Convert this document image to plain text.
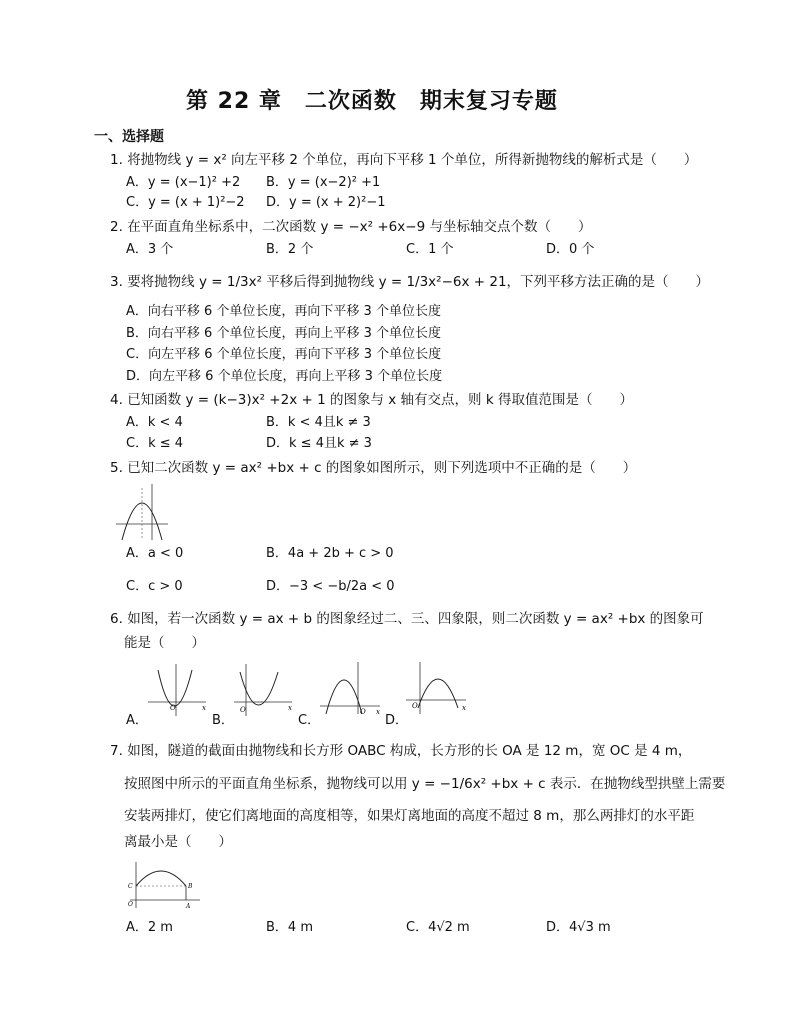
第 22 章　二次函数　期末复习专题
一、选择题
1. 将抛物线 y = x² 向左平移 2 个单位，再向下平移 1 个单位，所得新抛物线的解析式是（　　）
A．y = (x−1)² +2 B．y = (x−2)² +1
C．y = (x + 1)²−2 D．y = (x + 2)²−1
2. 在平面直角坐标系中，二次函数 y = −x² +6x−9 与坐标轴交点个数（　　）
A．3 个	B．2 个	C．1 个	D．0 个
3. 要将抛物线 y = 1/3x² 平移后得到抛物线 y = 1/3x²−6x + 21，下列平移方法正确的是（　　）
A．向右平移 6 个单位长度，再向下平移 3 个单位长度
B．向右平移 6 个单位长度，再向上平移 3 个单位长度
C．向左平移 6 个单位长度，再向下平移 3 个单位长度
D．向左平移 6 个单位长度，再向上平移 3 个单位长度
4. 已知函数 y = (k−3)x² +2x + 1 的图象与 x 轴有交点，则 k 得取值范围是（　　）
A．k < 4	B．k < 4且k ≠ 3
C．k ≤ 4	D．k ≤ 4且k ≠ 3
5. 已知二次函数 y = ax² +bx + c 的图象如图所示，则下列选项中不正确的是（　　）
A．a < 0	B．4a + 2b + c > 0
C．c > 0	D．−3 < −b/2a < 0
6. 如图，若一次函数 y = ax + b 的图象经过二、三、四象限，则二次函数 y = ax² +bx 的图象可
能是（　　）
x
O
A．
x
O
B．
x
O
C．
x
O
D．
7. 如图，隧道的截面由抛物线和长方形 OABC 构成，长方形的长 OA 是 12 m，宽 OC 是 4 m，
按照图中所示的平面直角坐标系，抛物线可以用 y = −1/6x² +bx + c 表示．在抛物线型拱壁上需要
安装两排灯，使它们离地面的高度相等，如果灯离地面的高度不超过 8 m，那么两排灯的水平距
离最小是（　　）
C	B
O	A
A．2 m	B．4 m	C．4√2 m	D．4√3 m
